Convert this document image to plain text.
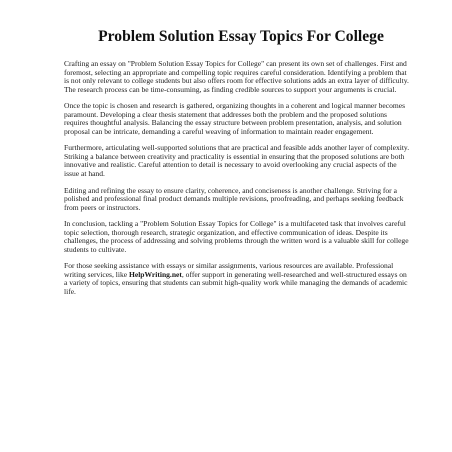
Problem Solution Essay Topics For College

Crafting an essay on "Problem Solution Essay Topics for College" can present its own set of challenges. First and foremost, selecting an appropriate and compelling topic requires careful consideration. Identifying a problem that is not only relevant to college students but also offers room for effective solutions adds an extra layer of difficulty. The research process can be time-consuming, as finding credible sources to support your arguments is crucial.

Once the topic is chosen and research is gathered, organizing thoughts in a coherent and logical manner becomes paramount. Developing a clear thesis statement that addresses both the problem and the proposed solutions requires thoughtful analysis. Balancing the essay structure between problem presentation, analysis, and solution proposal can be intricate, demanding a careful weaving of information to maintain reader engagement.

Furthermore, articulating well-supported solutions that are practical and feasible adds another layer of complexity. Striking a balance between creativity and practicality is essential in ensuring that the proposed solutions are both innovative and realistic. Careful attention to detail is necessary to avoid overlooking any crucial aspects of the issue at hand.

Editing and refining the essay to ensure clarity, coherence, and conciseness is another challenge. Striving for a polished and professional final product demands multiple revisions, proofreading, and perhaps seeking feedback from peers or instructors.

In conclusion, tackling a "Problem Solution Essay Topics for College" is a multifaceted task that involves careful topic selection, thorough research, strategic organization, and effective communication of ideas. Despite its challenges, the process of addressing and solving problems through the written word is a valuable skill for college students to cultivate.

For those seeking assistance with essays or similar assignments, various resources are available. Professional writing services, like HelpWriting.net, offer support in generating well-researched and well-structured essays on a variety of topics, ensuring that students can submit high-quality work while managing the demands of academic life.
